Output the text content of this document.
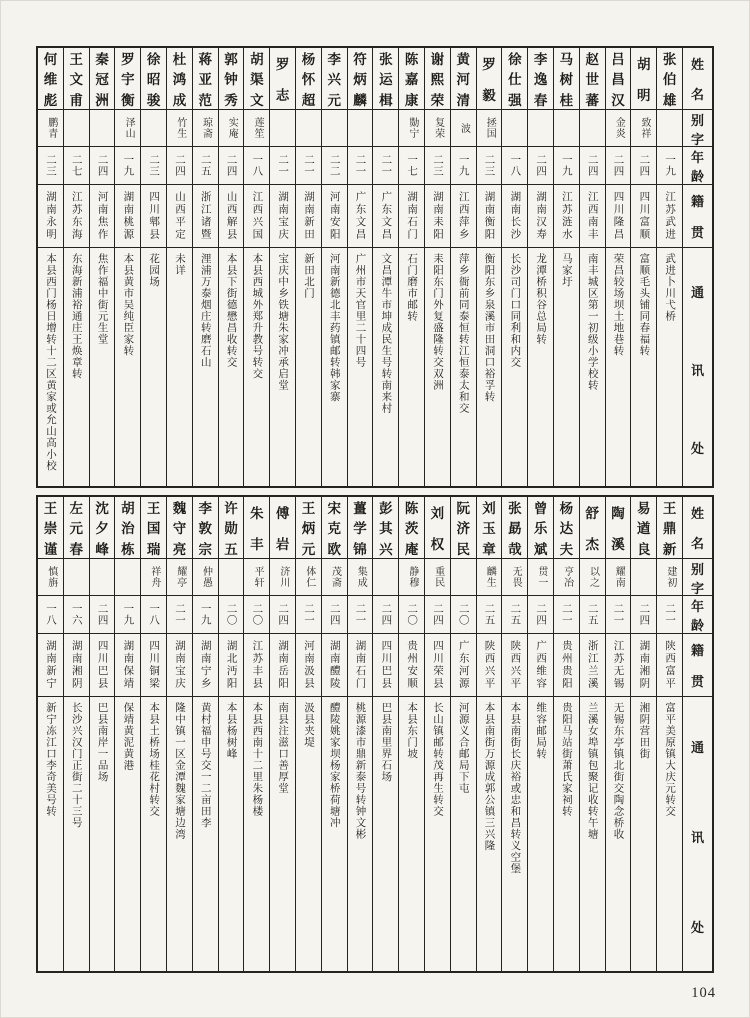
姓
名
别
字
年
龄
籍
贯
通
讯
处
张
伯
雄
一九
江苏武进
武进卜川弋桥
胡
明
致祥
二四
四川富顺
富顺毛头铺同春福转
吕
昌
汉
金炎
二四
四川隆昌
荣昌较场坝土地巷转
赵
世
蕃
二四
江西南丰
南丰城区第一初级小学校转
马
树
桂
一九
江苏涟水
马家圩
李
逸
春
二四
湖南汉寿
龙潭桥积谷总局转
徐
仕
强
一八
湖南长沙
长沙司门口同利和内交
罗
毅
拯国
二三
湖南衡阳
衡阳东乡泉溪市田洞口裕孚转
黄
河
清
波
一九
江西萍乡
萍乡衙前同泰恒转江恒泰太和交
谢
熙
荣
复荣
二三
湖南耒阳
耒阳东门外复盛隆转交双洲
陈
嘉
康
勚宁
一七
湖南石门
石门磨市邮转
张
运
楫
二一
广东文昌
文昌潭牛市坤成民生号转南来村
符
炳
麟
二一
广东文昌
广州市天官里二十四号
李
兴
元
二二
河南安阳
河南新德北丰药镇邮转韩家寨
杨
怀
超
二一
湖南新田
新田北门
罗
志
二一
湖南宝庆
宝庆中乡铁塘朱家冲承启堂
胡
渠
文
莲笙
一八
江西兴国
本县西城外郑升教号转交
郭
钟
秀
实庵
二四
山西解县
本县下街德懋昌收转交
蒋
亚
范
琼斋
二五
浙江诸暨
浬浦万泰烟庄转磨石山
杜
鸿
成
竹生
二四
山西平定
未详
徐
昭
骏
二三
四川郫县
花园场
罗
宇
衡
泽山
一九
湖南桃源
本县黄市吴纯臣家转
秦
冠
洲
二四
河南焦作
焦作福中街元生堂
王
文
甫
二七
江苏东海
东海新浦裕通庄王焕章转
何
维
彪
鹏青
二三
湖南永明
本县西门杨日增转十二区黄家或允山高小校
姓
名
别
字
年
龄
籍
贯
通
讯
处
王
鼎
新
建初
二一
陕西富平
富平美原镇大庆元转交
易
遒
良
二四
湖南湘阴
湘阴营田街
陶
溪
耀南
二一
江苏无锡
无锡东亭镇北街交陶念桥收
舒
杰
以之
二五
浙江兰溪
兰溪女埠镇包聚记收转午塘
杨
达
夫
亨冶
二一
贵州贵阳
贵阳马站街萧氏家祠转
曾
乐
斌
贯一
二四
广西维容
维容邮局转
张
勗
哉
无畏
二五
陕西兴平
本县南街长庆裕或忠和昌转义空堡
刘
玉
章
麟生
二五
陕西兴平
本县南街万源成郭公镇三兴隆
阮
济
民
二〇
广东河源
河源义合邮局下屯
刘
权
重民
二四
四川荣县
长山镇邮转茂再生转交
陈
茨
庵
静穆
二〇
贵州安顺
本县东门坡
彭
其
兴
二四
四川巴县
巴县南里界石场
薑
学
锦
集成
二一
湖南石门
桃源漆市鼎新泰号转钟文彬
宋
克
欧
茂斋
二四
湖南醴陵
醴陵姚家坝杨家桥荷塘冲
王
炳
元
体仁
二一
河南汲县
汲县夹堤
傅
岩
济川
二四
湖南岳阳
南县注滋口善厚堂
朱
丰
平轩
二〇
江苏丰县
本县西南十二里朱杨楼
许
勋
五
二〇
湖北沔阳
本县杨树峰
李
敦
宗
仲愚
一九
湖南宁乡
黄村福申号交一二亩田李
魏
守
亮
耀亭
二一
湖南宝庆
隆中镇一区金潭魏家塘边湾
王
国
瑞
祥舟
一八
四川铜梁
本县土桥场桂花村转交
胡
治
栋
一九
湖南保靖
保靖黄泥黄港
沈
夕
峰
二四
四川巴县
巴县南岸一品场
左
元
春
一六
湖南湘阴
长沙兴汉门正街二十三号
王
崇
谨
慎旃
一八
湖南新宁
新宁冻江口李奇美号转
104
